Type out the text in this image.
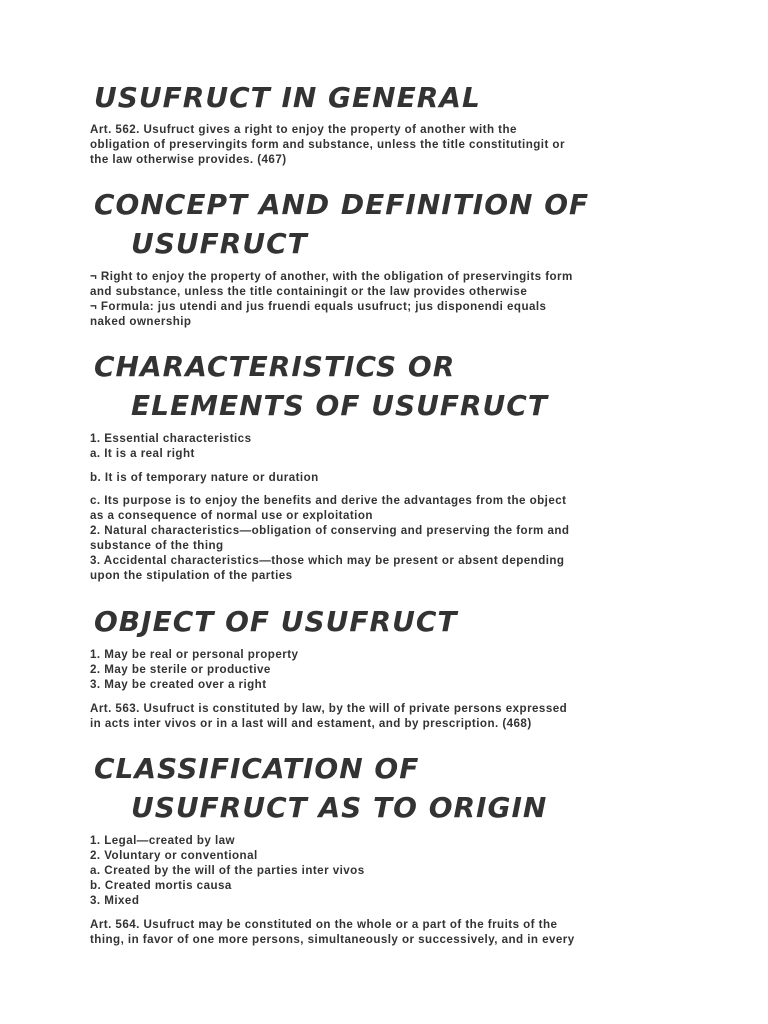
USUFRUCT IN GENERAL

Art. 562. Usufruct gives a right to enjoy the property of another with the
obligation of preservingits form and substance, unless the title constitutingit or
the law otherwise provides. (467)

CONCEPT AND DEFINITION OF
USUFRUCT

¬ Right to enjoy the property of another, with the obligation of preservingits form
and substance, unless the title containingit or the law provides otherwise
¬ Formula: jus utendi and jus fruendi equals usufruct; jus disponendi equals
naked ownership

CHARACTERISTICS OR
ELEMENTS OF USUFRUCT

1. Essential characteristics
a. It is a real right

b. It is of temporary nature or duration

c. Its purpose is to enjoy the benefits and derive the advantages from the object
as a consequence of normal use or exploitation
2. Natural characteristics—obligation of conserving and preserving the form and
substance of the thing
3. Accidental characteristics—those which may be present or absent depending
upon the stipulation of the parties

OBJECT OF USUFRUCT

1. May be real or personal property
2. May be sterile or productive
3. May be created over a right

Art. 563. Usufruct is constituted by law, by the will of private persons expressed
in acts inter vivos or in a last will and estament, and by prescription. (468)

CLASSIFICATION OF
USUFRUCT AS TO ORIGIN

1. Legal—created by law
2. Voluntary or conventional
a. Created by the will of the parties inter vivos
b. Created mortis causa
3. Mixed

Art. 564. Usufruct may be constituted on the whole or a part of the fruits of the
thing, in favor of one more persons, simultaneously or successively, and in every
